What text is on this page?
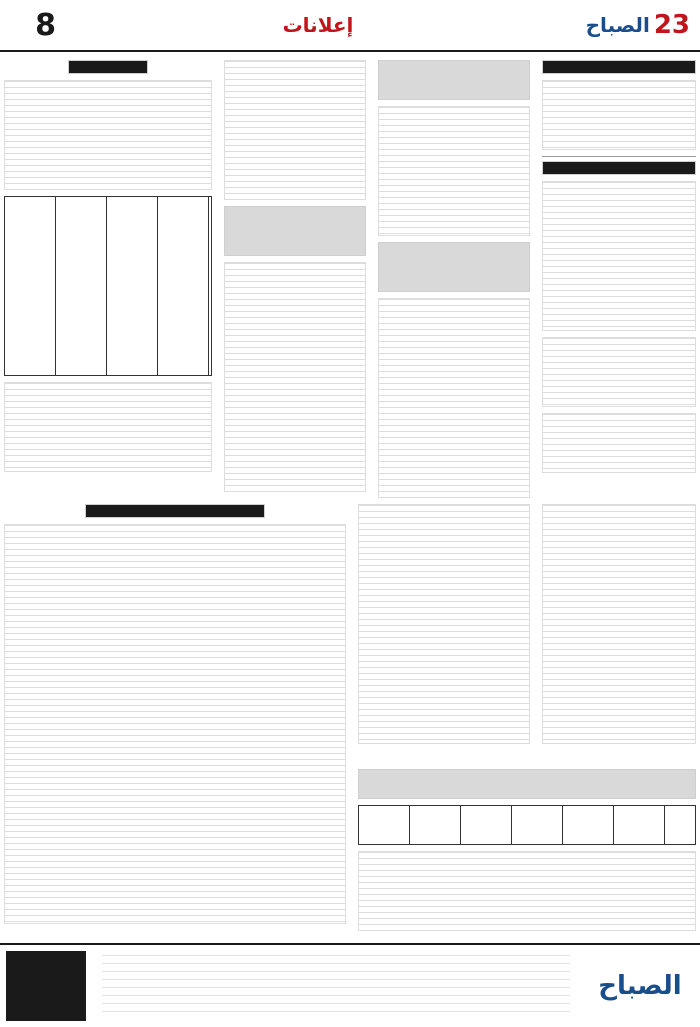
23
الصباح
إعلانات
8
الصباح
